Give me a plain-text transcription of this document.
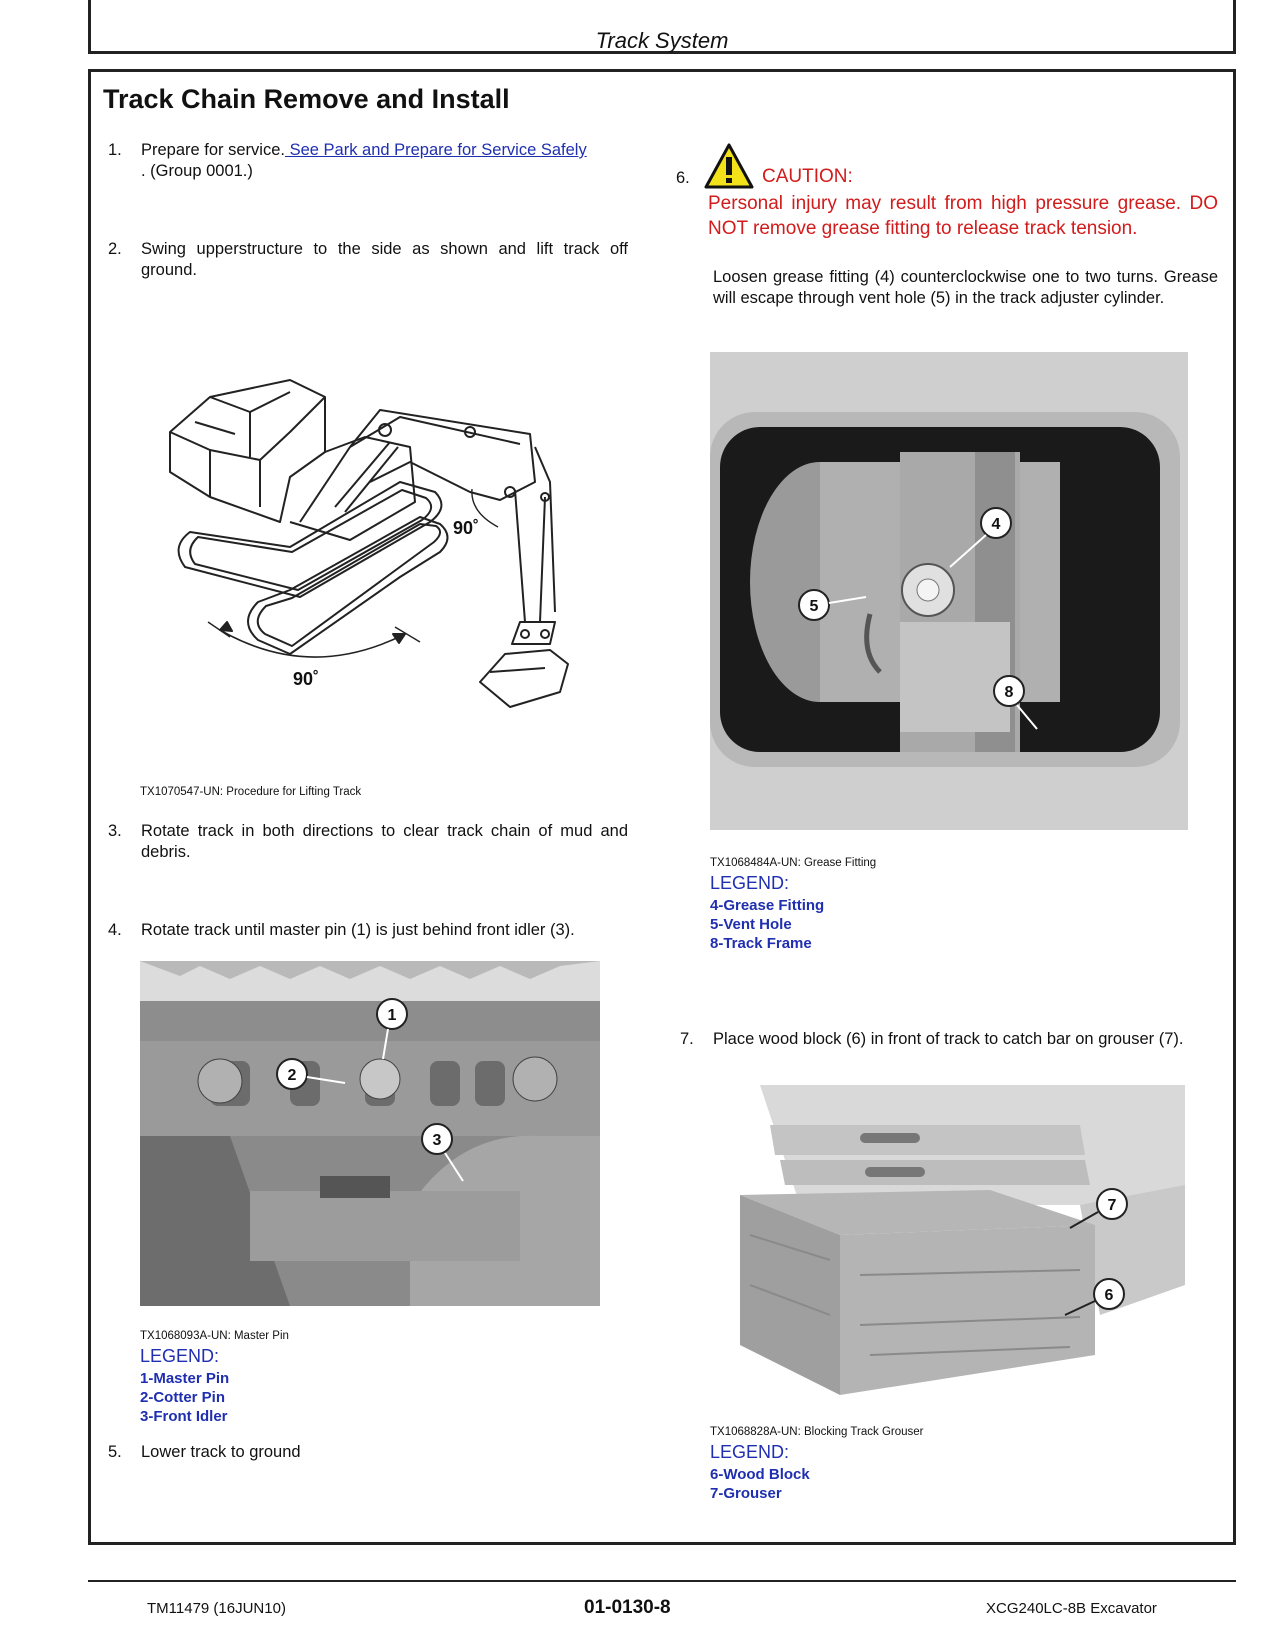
Track System
Track Chain Remove and Install
1. Prepare for service. See Park and Prepare for Service Safely
. (Group 0001.)
2. Swing upperstructure to the side as shown and lift track off ground.
90˚
90˚
TX1070547-UN: Procedure for Lifting Track
3. Rotate track in both directions to clear track chain of mud and debris.
4. Rotate track until master pin (1) is just behind front idler (3).
1
2
3
TX1068093A-UN: Master Pin
LEGEND:
1-Master Pin
2-Cotter Pin
3-Front Idler
5. Lower track to ground
6.	CAUTION:
Personal injury may result from high pressure grease. DO NOT remove grease fitting to release track tension.
Loosen grease fitting (4) counterclockwise one to two turns. Grease will escape through vent hole (5) in the track adjuster cylinder.
4
5
8
TX1068484A-UN: Grease Fitting
LEGEND:
4-Grease Fitting
5-Vent Hole
8-Track Frame
7. Place wood block (6) in front of track to catch bar on grouser (7).
7
6
TX1068828A-UN: Blocking Track Grouser
LEGEND:
6-Wood Block
7-Grouser
TM11479 (16JUN10)	01-0130-8	XCG240LC-8B Excavator
